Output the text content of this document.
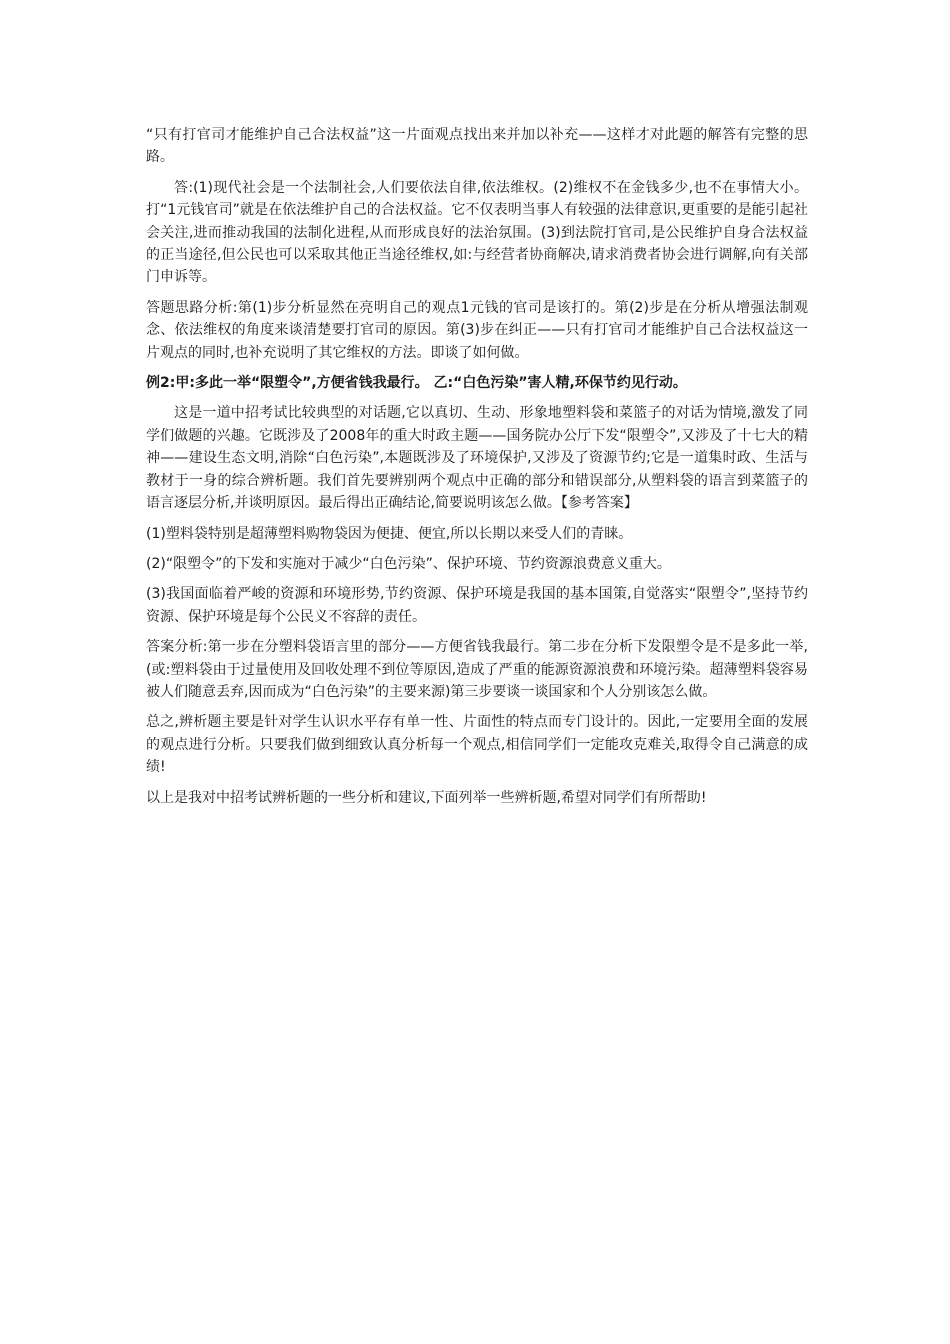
“只有打官司才能维护自己合法权益”这一片面观点找出来并加以补充——这样才对此题的解答有完整的思路。

答:(1)现代社会是一个法制社会,人们要依法自律,依法维权。(2)维权不在金钱多少,也不在事情大小。打“1元钱官司”就是在依法维护自己的合法权益。它不仅表明当事人有较强的法律意识,更重要的是能引起社会关注,进而推动我国的法制化进程,从而形成良好的法治氛围。(3)到法院打官司,是公民维护自身合法权益的正当途径,但公民也可以采取其他正当途径维权,如:与经营者协商解决,请求消费者协会进行调解,向有关部门申诉等。

答题思路分析:第(1)步分析显然在亮明自己的观点1元钱的官司是该打的。第(2)步是在分析从增强法制观念、依法维权的角度来谈清楚要打官司的原因。第(3)步在纠正——只有打官司才能维护自己合法权益这一片观点的同时,也补充说明了其它维权的方法。即谈了如何做。

例2:甲:多此一举“限塑令”,方便省钱我最行。 乙:“白色污染”害人精,环保节约见行动。

这是一道中招考试比较典型的对话题,它以真切、生动、形象地塑料袋和菜篮子的对话为情境,激发了同学们做题的兴趣。它既涉及了2008年的重大时政主题——国务院办公厅下发“限塑令”,又涉及了十七大的精神——建设生态文明,消除“白色污染”,本题既涉及了环境保护,又涉及了资源节约;它是一道集时政、生活与教材于一身的综合辨析题。我们首先要辨别两个观点中正确的部分和错误部分,从塑料袋的语言到菜篮子的语言逐层分析,并谈明原因。最后得出正确结论,简要说明该怎么做。【参考答案】

(1)塑料袋特别是超薄塑料购物袋因为便捷、便宜,所以长期以来受人们的青睐。

(2)“限塑令”的下发和实施对于减少“白色污染”、保护环境、节约资源浪费意义重大。

(3)我国面临着严峻的资源和环境形势,节约资源、保护环境是我国的基本国策,自觉落实“限塑令”,坚持节约资源、保护环境是每个公民义不容辞的责任。

答案分析:第一步在分塑料袋语言里的部分——方便省钱我最行。第二步在分析下发限塑令是不是多此一举,(或:塑料袋由于过量使用及回收处理不到位等原因,造成了严重的能源资源浪费和环境污染。超薄塑料袋容易被人们随意丢弃,因而成为“白色污染”的主要来源)第三步要谈一谈国家和个人分别该怎么做。

总之,辨析题主要是针对学生认识水平存有单一性、片面性的特点而专门设计的。因此,一定要用全面的发展的观点进行分析。只要我们做到细致认真分析每一个观点,相信同学们一定能攻克难关,取得令自己满意的成绩!

以上是我对中招考试辨析题的一些分析和建议,下面列举一些辨析题,希望对同学们有所帮助!
